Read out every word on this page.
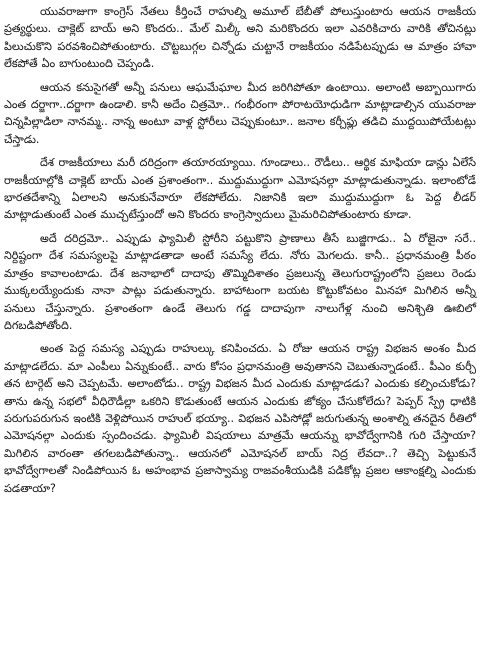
యువరాజుగా కాంగ్రెస్ నేతలు కీర్తించే రాహుల్ని అమూల్ బేబీతో పోలుస్తుంటారు ఆయన రాజకీయ ప్రత్యర్థులు. చాక్లెట్ బాయ్ అని కొందరు.. మేల్ మిల్కీ అని మరికొందరు ఇలా ఎవరికిచారు వారికి తోచినట్లు పిలుచుకొని పరవశించిపోతుంటారు. చొట్టబుగ్గల చిన్నోడు చుట్టానే రాజకీయం నడిపేటప్పుడు ఆ మాత్రం హావా లేకపోతే ఏం బాగుంటుంది చెప్పండి.

ఆయన కనుసైగతో అన్నీ పనులు ఆఘమేఘాల మీద జరిగిపోతూ ఉంటాయి. అలాంటి అబ్బాయిగారు ఎంత దర్జాగా..దర్జాగా ఉండాలి. కానీ అదేం చిత్రమో.. గంభీరంగా పోరాటయోధుడిగా మాట్లాడాల్సిన యువరాజు చిన్నపిల్లాడిలా నానమ్మ.. నాన్న అంటూ వాళ్ల స్టోరీలు చెప్పుకుంటూ.. జనాల కర్చీఫ్లు తడిచి ముద్దయిపోయేటట్లు చేస్తాడు.

దేశ రాజకీయాలు మరీ దరిద్రంగా తయారయ్యాయి. గూండాలు.. రౌడీలు.. ఆర్థిక మాఫియా డాన్లు ఏలేసే రాజకీయాల్లోకి చాక్లెట్ బాయ్ ఎంత ప్రశాంతంగా.. ముద్దుముద్దుగా ఎమోషనల్గా మాట్లాడుతున్నాడు. ఇలాంటోడే భారతదేశాన్ని ఏలాలని అనుకునేవారూ లేకపోలేదు. నిజానికి ఇలా ముద్దుముద్దుగా ఓ పెద్ద లీడర్ మాట్లాడుతుంటే ఎంత ముచ్చటేస్తుందో అని కొందరు కాంగ్రెస్వాదులు మైమరిచిపోతుంటారు కూడా.

అదే దరిద్రమో.. ఎప్పుడు ఫ్యామిలీ స్టోరీని పట్టుకొని ప్రాణాలు తీసే బుజ్జిగాడు.. ఏ రోజైనా సరే.. నిర్దిష్టంగా దేశ సమస్యలపై మాట్లాడతాడా అంటే సమస్యే లేదు. నోరు మెగలదు. కానీ.. ప్రధానమంత్రి పీఠం మాత్రం కావాలంటాడు. దేశ జనాభాలో దాదాపు తొమ్మిదిశాతం ప్రజలున్న తెలుగురాష్ట్రంలోని ప్రజలు రెండు ముక్కలయ్యేందుకు నానా పాట్లు పడుతున్నారు. బాహాటంగా బయట కొట్టుకోవటం మినహా మిగిలిన అన్నీ పనులు చేస్తున్నారు. ప్రశాంతంగా ఉండే తెలుగు గడ్డ దాదాపుగా నాలుగేళ్ల నుంచి అనిశ్చితి ఊబిలో దిగబడిపోతోంది.

అంత పెద్ద సమస్య ఎప్పుడు రాహుల్కు కనిపించదు. ఏ రోజు ఆయన రాష్ట్ర విభజన అంశం మీద మాట్లాడలేదు. మా ఎంపీలు ఏన్నుకుంటే.. వారు కోసం ప్రధానమంత్రి అవుతానని చెబుతున్నాడంటే.. పీఎం కుర్చీ తన టార్గెట్ అని చెప్పటమే. అలాంటోడు.. రాష్ట్ర విభజన మీద ఎందుకు మాట్లాడడు? ఎందుకు కల్పించుకోడు? తాను ఉన్న సభలో వీధిరౌడీల్లా ఒకరిని కొడుతుంటే ఆయన ఎందుకు జోక్యం చేసుకోలేదు? పెప్పర్ స్ప్రే ధాటికి పరుగుపరుగున ఇంటికి వెళ్లిపోయిన రాహుల్ భయ్యా.. విభజన ఎపిసోడ్లో జరుగుతున్న అంశాల్ని తనదైన రీతిలో ఎమోషనల్గా ఎందుకు స్పందించడు. ఫ్యామిలీ విషయాలు మాత్రమే ఆయన్ను భావోద్వేగానికి గురి చేస్తాయా? మిగిలిన వారంతా తగలబడిపోతున్నా.. ఆయనలో ఎమోషనల్ బాయ్ నిద్ర లేవదా..? తెచ్చి పెట్టుకునే భావోద్వేగాలతో నిండిపోయిన ఓ అహంభావ ప్రజాస్వామ్య రాజవంశీయుడికి పడికోట్ల ప్రజల ఆకాంక్షల్ని ఎందుకు పడతాయా?
